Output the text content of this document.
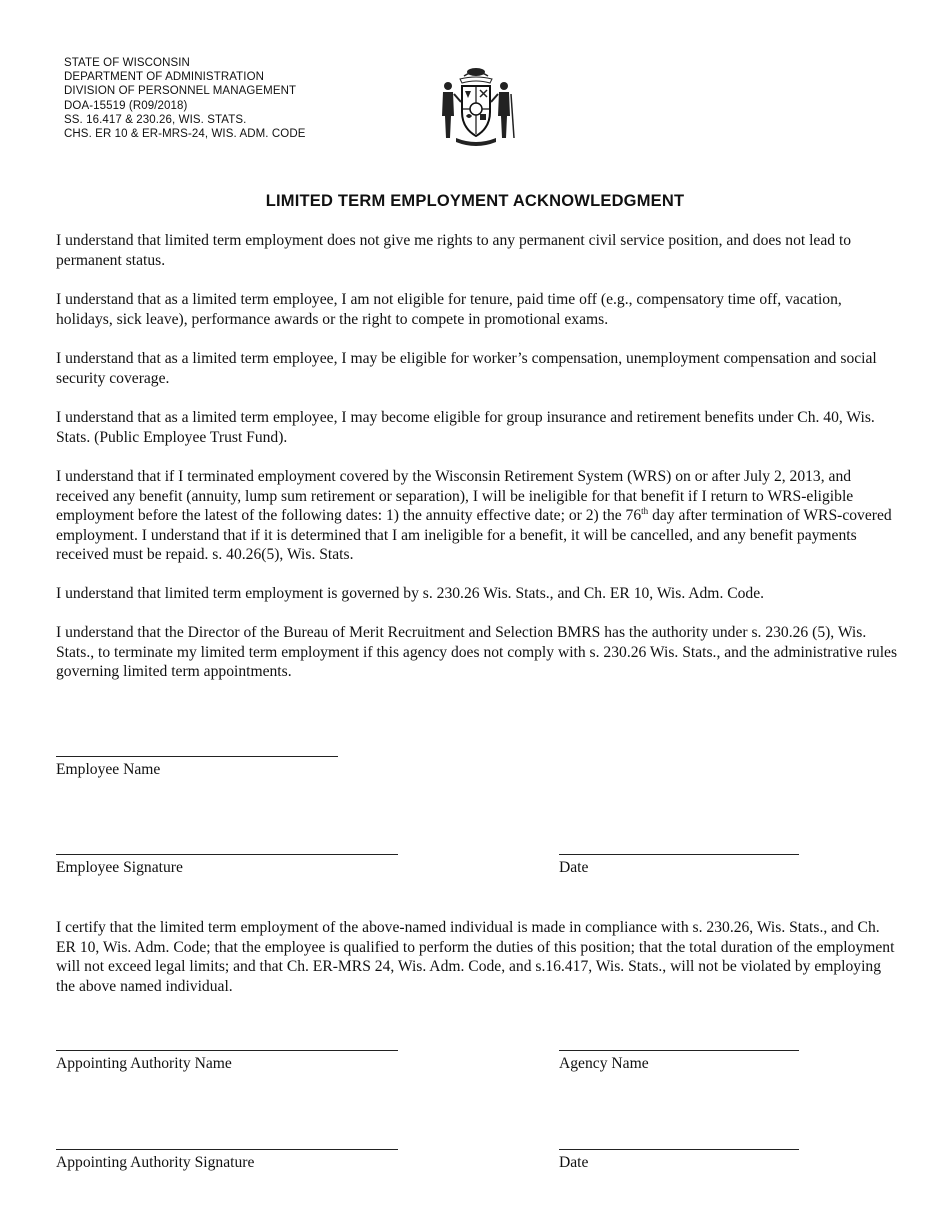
STATE OF WISCONSIN
DEPARTMENT OF ADMINISTRATION
DIVISION OF PERSONNEL MANAGEMENT
DOA-15519 (R09/2018)
SS. 16.417 & 230.26, WIS. STATS.
CHS. ER 10 & ER-MRS-24, WIS. ADM. CODE
LIMITED TERM EMPLOYMENT ACKNOWLEDGMENT

I understand that limited term employment does not give me rights to any permanent civil service position, and does not lead to permanent status.

I understand that as a limited term employee, I am not eligible for tenure, paid time off (e.g., compensatory time off, vacation, holidays, sick leave), performance awards or the right to compete in promotional exams.

I understand that as a limited term employee, I may be eligible for worker’s compensation, unemployment compensation and social security coverage.

I understand that as a limited term employee, I may become eligible for group insurance and retirement benefits under Ch. 40, Wis. Stats. (Public Employee Trust Fund).

I understand that if I terminated employment covered by the Wisconsin Retirement System (WRS) on or after July 2, 2013, and received any benefit (annuity, lump sum retirement or separation), I will be ineligible for that benefit if I return to WRS-eligible employment before the latest of the following dates: 1) the annuity effective date; or 2) the 76th day after termination of WRS-covered employment. I understand that if it is determined that I am ineligible for a benefit, it will be cancelled, and any benefit payments received must be repaid. s. 40.26(5), Wis. Stats.

I understand that limited term employment is governed by s. 230.26 Wis. Stats., and Ch. ER 10, Wis. Adm. Code.

I understand that the Director of the Bureau of Merit Recruitment and Selection BMRS has the authority under s. 230.26 (5), Wis. Stats., to terminate my limited term employment if this agency does not comply with s. 230.26 Wis. Stats., and the administrative rules governing limited term appointments.

Employee Name
Employee Signature	Date

I certify that the limited term employment of the above-named individual is made in compliance with s. 230.26, Wis. Stats., and Ch. ER 10, Wis. Adm. Code; that the employee is qualified to perform the duties of this position; that the total duration of the employment will not exceed legal limits; and that Ch. ER-MRS 24, Wis. Adm. Code, and s.16.417, Wis. Stats., will not be violated by employing the above named individual.

Appointing Authority Name	Agency Name
Appointing Authority Signature	Date
